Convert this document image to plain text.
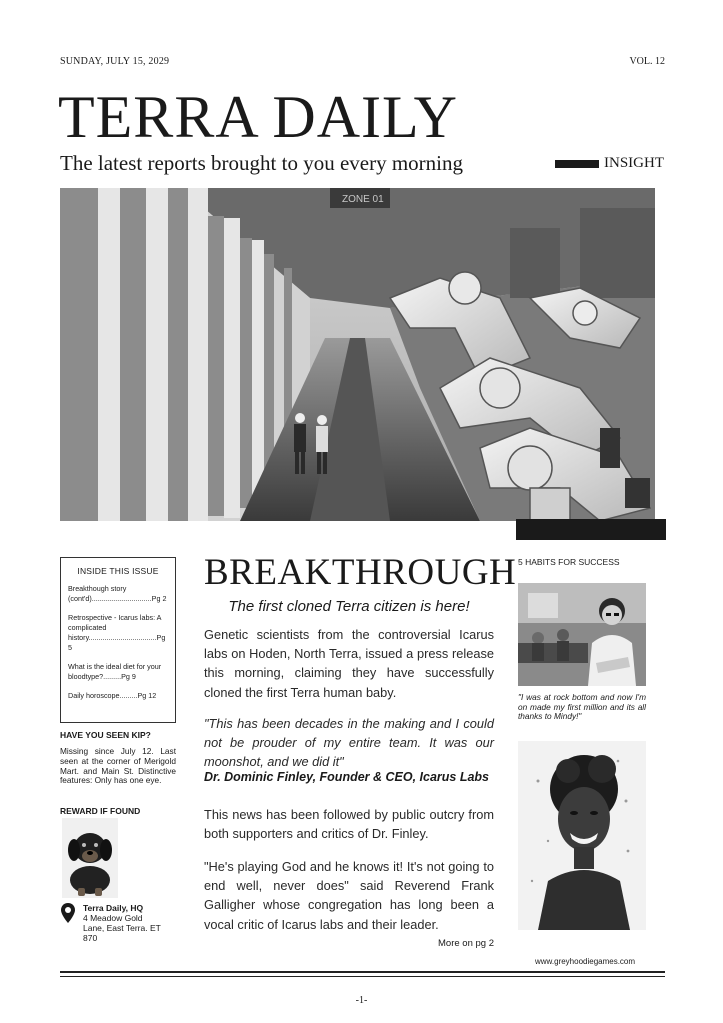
SUNDAY, JULY 15, 2029	VOL. 12
TERRA DAILY
The latest reports brought to you every morning	INSIGHT
ZONE 01
INSIDE THIS ISSUE
Breakthough story (cont'd)..............................Pg 2
Retrospective - Icarus labs: A complicated history..................................Pg 5
What is the ideal diet for your bloodtype?.........Pg 9
Daily horoscope.........Pg 12
HAVE YOU SEEN KIP?
Missing since July 12. Last seen at the corner of Merigold Mart. and Main St. Distinctive features: Only has one eye.
REWARD IF FOUND
Terra Daily, HQ
4 Meadow Gold Lane, East Terra. ET 870
BREAKTHROUGH
The first cloned Terra citizen is here!

Genetic scientists from the controversial Icarus labs on Hoden, North Terra, issued a press release this morning, claiming they have successfully cloned the first Terra human baby.

"This has been decades in the making and I could not be prouder of my entire team. It was our moonshot, and we did it"

Dr. Dominic Finley, Founder & CEO, Icarus Labs

This news has been followed by public outcry from both supporters and critics of Dr. Finley.

"He's playing God and he knows it! It's not going to end well, never does" said Reverend Frank Galligher whose congregation has long been a vocal critic of Icarus labs and their leader.

More on pg 2
5 HABITS FOR SUCCESS
"I was at rock bottom and now I'm on made my first million and its all thanks to Mindy!"
www.greyhoodiegames.com
-1-
